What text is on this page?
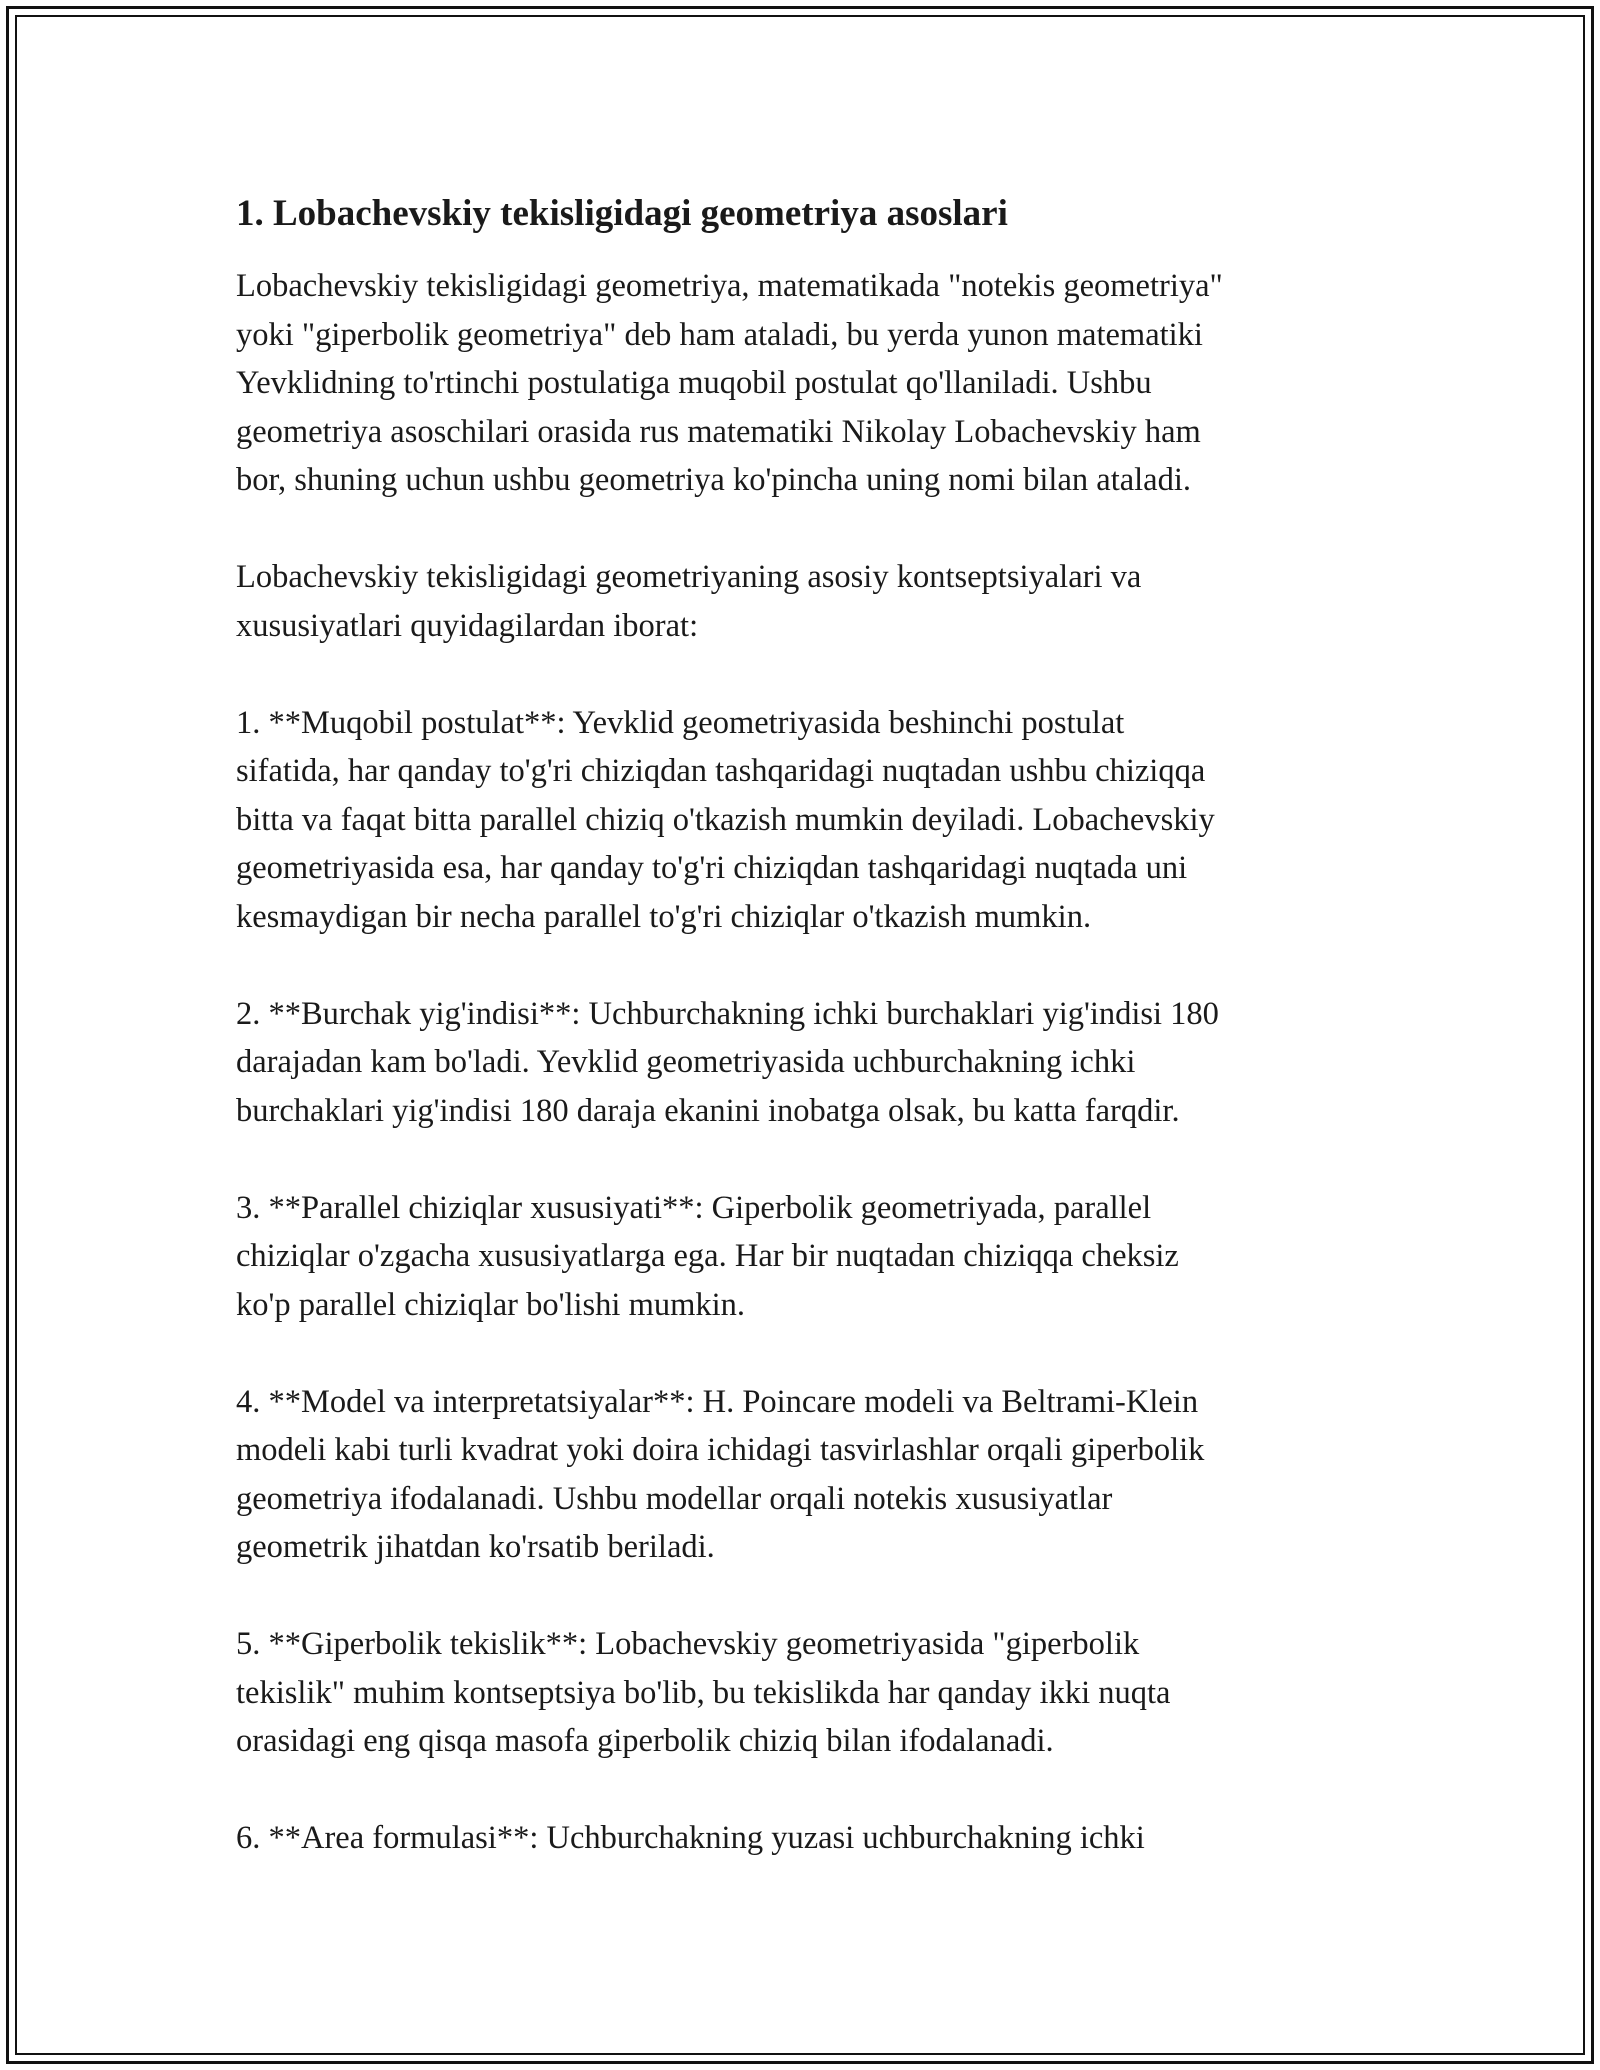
1. Lobachevskiy tekisligidagi geometriya asoslari

Lobachevskiy tekisligidagi geometriya, matematikada "notekis geometriya"
yoki "giperbolik geometriya" deb ham ataladi, bu yerda yunon matematiki
Yevklidning to'rtinchi postulatiga muqobil postulat qo'llaniladi. Ushbu
geometriya asoschilari orasida rus matematiki Nikolay Lobachevskiy ham
bor, shuning uchun ushbu geometriya ko'pincha uning nomi bilan ataladi.

Lobachevskiy tekisligidagi geometriyaning asosiy kontseptsiyalari va
xususiyatlari quyidagilardan iborat:

1. **Muqobil postulat**: Yevklid geometriyasida beshinchi postulat
sifatida, har qanday to'g'ri chiziqdan tashqaridagi nuqtadan ushbu chiziqqa
bitta va faqat bitta parallel chiziq o'tkazish mumkin deyiladi. Lobachevskiy
geometriyasida esa, har qanday to'g'ri chiziqdan tashqaridagi nuqtada uni
kesmaydigan bir necha parallel to'g'ri chiziqlar o'tkazish mumkin.

2. **Burchak yig'indisi**: Uchburchakning ichki burchaklari yig'indisi 180
darajadan kam bo'ladi. Yevklid geometriyasida uchburchakning ichki
burchaklari yig'indisi 180 daraja ekanini inobatga olsak, bu katta farqdir.

3. **Parallel chiziqlar xususiyati**: Giperbolik geometriyada, parallel
chiziqlar o'zgacha xususiyatlarga ega. Har bir nuqtadan chiziqqa cheksiz
ko'p parallel chiziqlar bo'lishi mumkin.

4. **Model va interpretatsiyalar**: H. Poincare modeli va Beltrami-Klein
modeli kabi turli kvadrat yoki doira ichidagi tasvirlashlar orqali giperbolik
geometriya ifodalanadi. Ushbu modellar orqali notekis xususiyatlar
geometrik jihatdan ko'rsatib beriladi.

5. **Giperbolik tekislik**: Lobachevskiy geometriyasida "giperbolik
tekislik" muhim kontseptsiya bo'lib, bu tekislikda har qanday ikki nuqta
orasidagi eng qisqa masofa giperbolik chiziq bilan ifodalanadi.

6. **Area formulasi**: Uchburchakning yuzasi uchburchakning ichki
